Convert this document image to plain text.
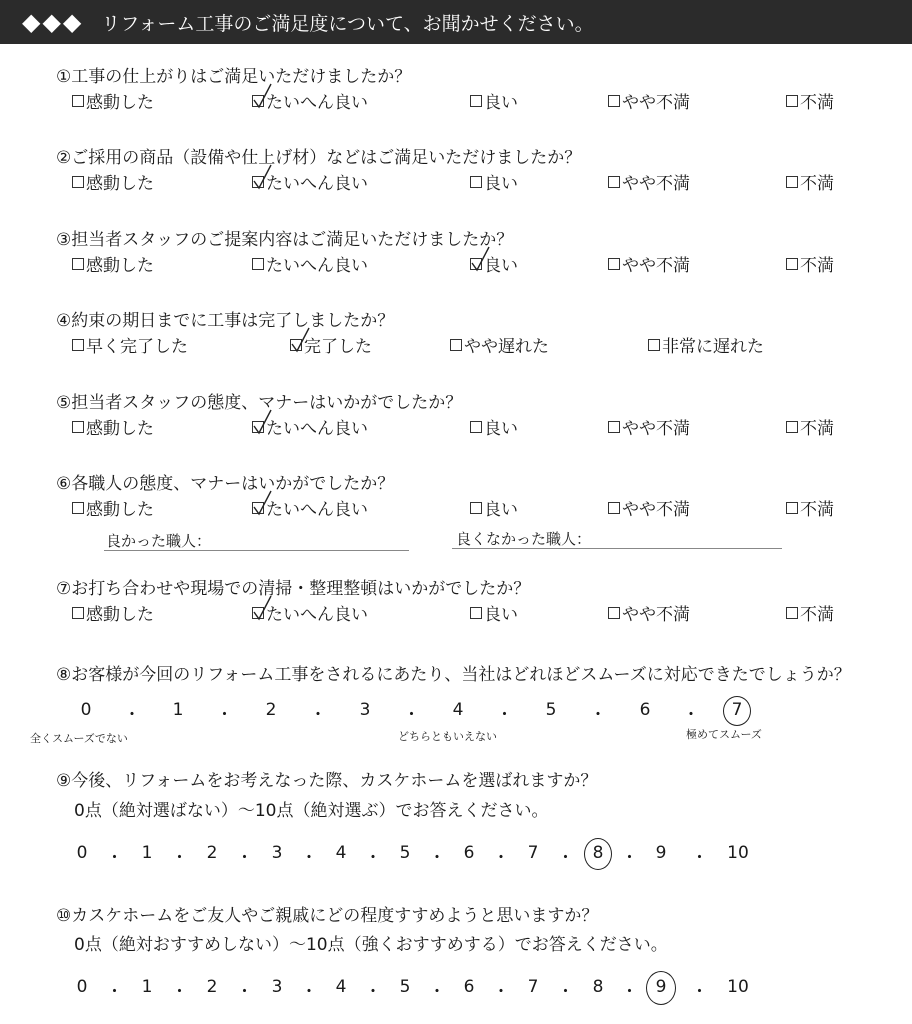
◆◆◆ リフォーム工事のご満足度について、お聞かせください。
①工事の仕上がりはご満足いただけましたか？
感動した	たいへん良い	良い	やや不満	不満
②ご採用の商品（設備や仕上げ材）などはご満足いただけましたか？
感動した	たいへん良い	良い	やや不満	不満
③担当者スタッフのご提案内容はご満足いただけましたか？
感動した	たいへん良い	良い	やや不満	不満
④約束の期日までに工事は完了しましたか？
早く完了した	完了した	やや遅れた	非常に遅れた
⑤担当者スタッフの態度、マナーはいかがでしたか？
感動した	たいへん良い	良い	やや不満	不満
⑥各職人の態度、マナーはいかがでしたか？
感動した	たいへん良い	良い	やや不満	不満
⑦お打ち合わせや現場での清掃・整理整頓はいかがでしたか？
感動した	たいへん良い	良い	やや不満	不満
良かった職人：	良くなかった職人：
⑧お客様が今回のリフォーム工事をされるにあたり、当社はどれほどスムーズに対応できたでしょうか？
0 ・ 1 ・ 2 ・ 3 ・ 4 ・ 5 ・ 6 ・ 7
全くスムーズでない	どちらともいえない	極めてスムーズ
⑨今後、リフォームをお考えなった際、カスケホームを選ばれますか？
0点（絶対選ばない）～10点（絶対選ぶ）でお答えください。
0 ・ 1 ・ 2 ・ 3 ・ 4 ・ 5 ・ 6 ・ 7 ・ 8 ・ 9 ・ 10
⑩カスケホームをご友人やご親戚にどの程度すすめようと思いますか？
0点（絶対おすすめしない）～10点（強くおすすめする）でお答えください。
0 ・ 1 ・ 2 ・ 3 ・ 4 ・ 5 ・ 6 ・ 7 ・ 8 ・ 9 ・ 10
